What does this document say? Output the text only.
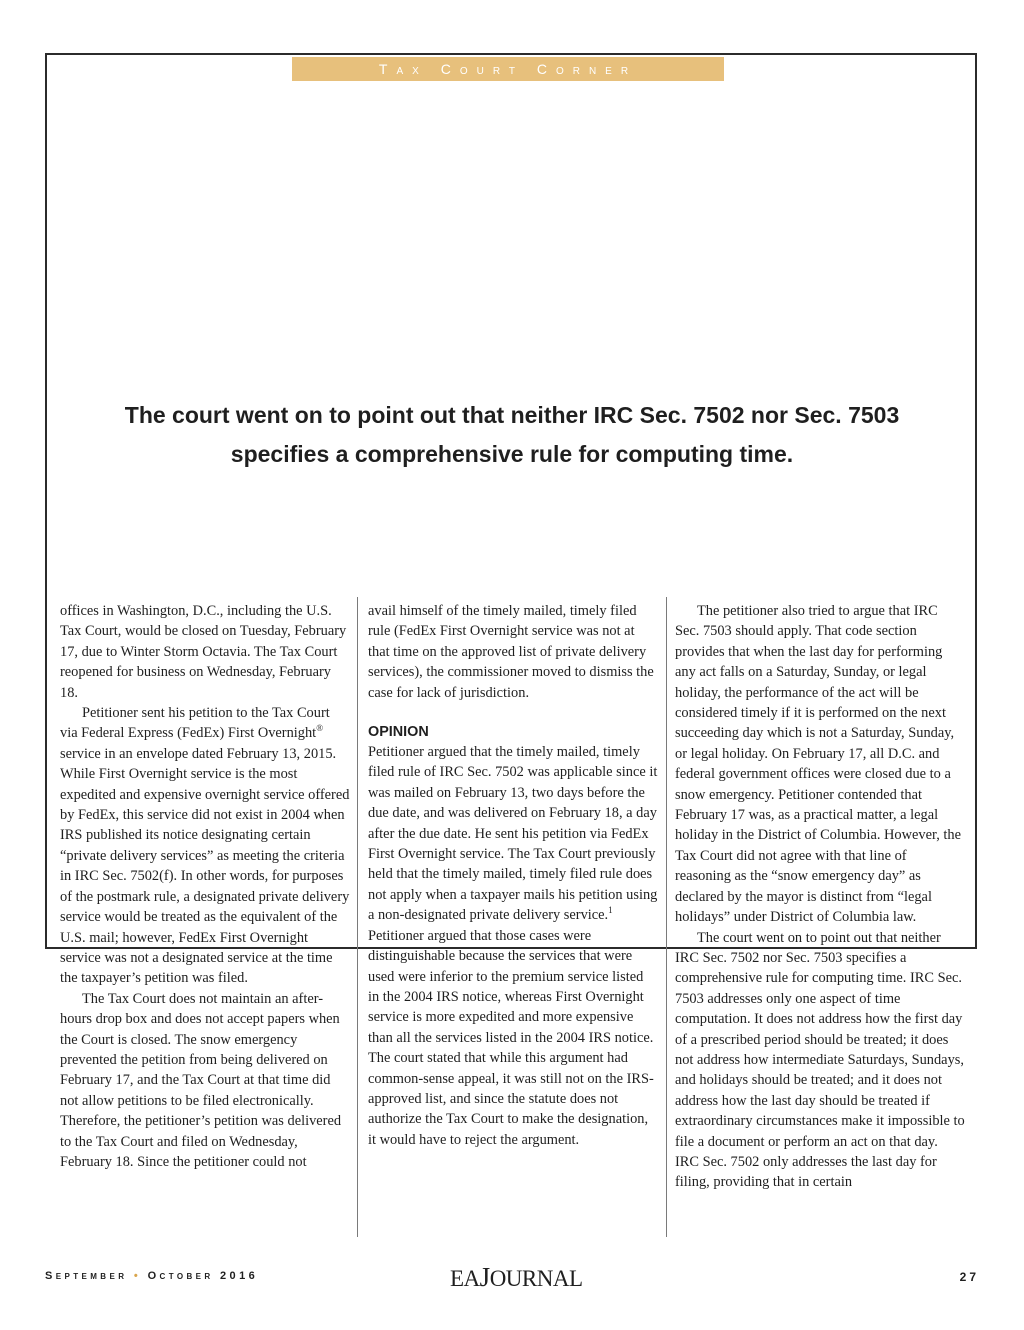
Tax Court Corner
The court went on to point out that neither IRC Sec. 7502 nor Sec. 7503
specifies a comprehensive rule for computing time.

offices in Washington, D.C., including the U.S. Tax Court, would be closed on Tuesday, February 17, due to Winter Storm Octavia. The Tax Court reopened for business on Wednesday, February 18.

Petitioner sent his petition to the Tax Court via Federal Express (FedEx) First Overnight® service in an envelope dated February 13, 2015. While First Overnight service is the most expedited and expensive overnight service offered by FedEx, this service did not exist in 2004 when IRS published its notice designating certain “private delivery services” as meeting the criteria in IRC Sec. 7502(f). In other words, for purposes of the postmark rule, a designated private delivery service would be treated as the equivalent of the U.S. mail; however, FedEx First Overnight service was not a designated service at the time the taxpayer’s petition was filed.

The Tax Court does not maintain an after-hours drop box and does not accept papers when the Court is closed. The snow emergency prevented the petition from being delivered on February 17, and the Tax Court at that time did not allow petitions to be filed electronically. Therefore, the petitioner’s petition was delivered to the Tax Court and filed on Wednesday, February 18. Since the petitioner could not

avail himself of the timely mailed, timely filed rule (FedEx First Overnight service was not at that time on the approved list of private delivery services), the commissioner moved to dismiss the case for lack of jurisdiction.

OPINION

Petitioner argued that the timely mailed, timely filed rule of IRC Sec. 7502 was applicable since it was mailed on February 13, two days before the due date, and was delivered on February 18, a day after the due date. He sent his petition via FedEx First Overnight service. The Tax Court previously held that the timely mailed, timely filed rule does not apply when a taxpayer mails his petition using a non-designated private delivery service.$^1$ Petitioner argued that those cases were distinguishable because the services that were used were inferior to the premium service listed in the 2004 IRS notice, whereas First Overnight service is more expedited and more expensive than all the services listed in the 2004 IRS notice. The court stated that while this argument had common-sense appeal, it was still not on the IRS-approved list, and since the statute does not authorize the Tax Court to make the designation, it would have to reject the argument.

The petitioner also tried to argue that IRC Sec. 7503 should apply. That code section provides that when the last day for performing any act falls on a Saturday, Sunday, or legal holiday, the performance of the act will be considered timely if it is performed on the next succeeding day which is not a Saturday, Sunday, or legal holiday. On February 17, all D.C. and federal government offices were closed due to a snow emergency. Petitioner contended that February 17 was, as a practical matter, a legal holiday in the District of Columbia. However, the Tax Court did not agree with that line of reasoning as the “snow emergency day” as declared by the mayor is distinct from “legal holidays” under District of Columbia law.

The court went on to point out that neither IRC Sec. 7502 nor Sec. 7503 specifies a comprehensive rule for computing time. IRC Sec. 7503 addresses only one aspect of time computation. It does not address how the first day of a prescribed period should be treated; it does not address how intermediate Saturdays, Sundays, and holidays should be treated; and it does not address how the last day should be treated if extraordinary circumstances make it impossible to file a document or perform an act on that day. IRC Sec. 7502 only addresses the last day for filing, providing that in certain

September • October 2016	EAJOURNAL	27
